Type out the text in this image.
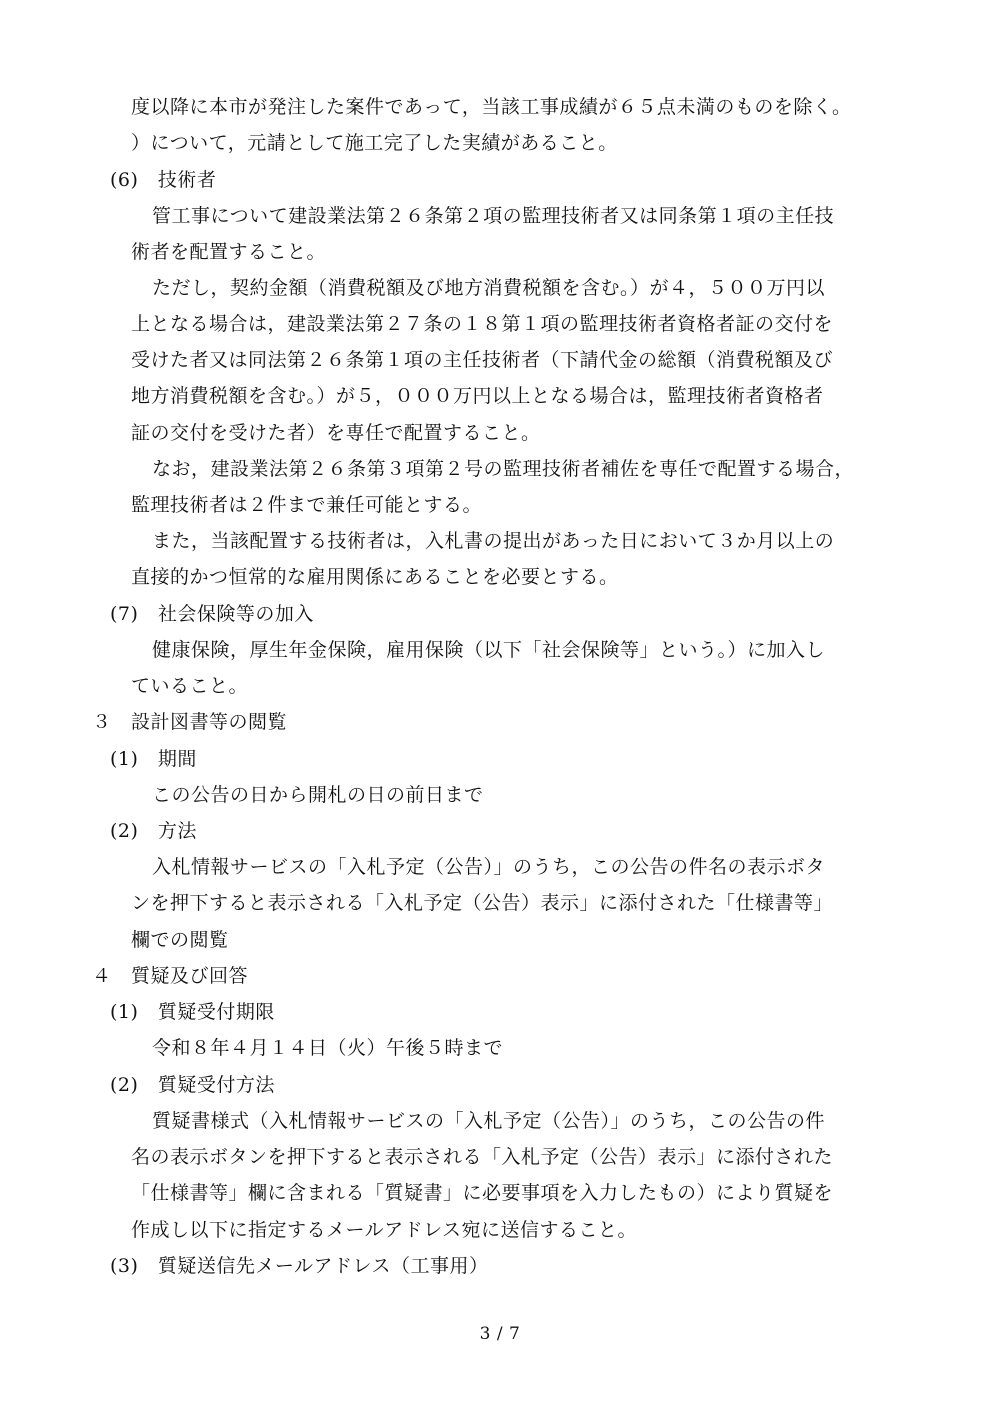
度以降に本市が発注した案件であって，当該工事成績が６５点未満のものを除く。
）について，元請として施工完了した実績があること。
(6)　技術者
管工事について建設業法第２６条第２項の監理技術者又は同条第１項の主任技
術者を配置すること。
ただし，契約金額（消費税額及び地方消費税額を含む。）が４，５００万円以
上となる場合は，建設業法第２７条の１８第１項の監理技術者資格者証の交付を
受けた者又は同法第２６条第１項の主任技術者（下請代金の総額（消費税額及び
地方消費税額を含む。）が５，０００万円以上となる場合は，監理技術者資格者
証の交付を受けた者）を専任で配置すること。
なお，建設業法第２６条第３項第２号の監理技術者補佐を専任で配置する場合，
監理技術者は２件まで兼任可能とする。
また，当該配置する技術者は，入札書の提出があった日において３か月以上の
直接的かつ恒常的な雇用関係にあることを必要とする。
(7)　社会保険等の加入
健康保険，厚生年金保険，雇用保険（以下「社会保険等」という。）に加入し
ていること。
３　設計図書等の閲覧
(1)　期間
この公告の日から開札の日の前日まで
(2)　方法
入札情報サービスの「入札予定（公告）」のうち，この公告の件名の表示ボタ
ンを押下すると表示される「入札予定（公告）表示」に添付された「仕様書等」
欄での閲覧
４　質疑及び回答
(1)　質疑受付期限
令和８年４月１４日（火）午後５時まで
(2)　質疑受付方法
質疑書様式（入札情報サービスの「入札予定（公告）」のうち，この公告の件
名の表示ボタンを押下すると表示される「入札予定（公告）表示」に添付された
「仕様書等」欄に含まれる「質疑書」に必要事項を入力したもの）により質疑を
作成し以下に指定するメールアドレス宛に送信すること。
(3)　質疑送信先メールアドレス（工事用）
3 / 7
